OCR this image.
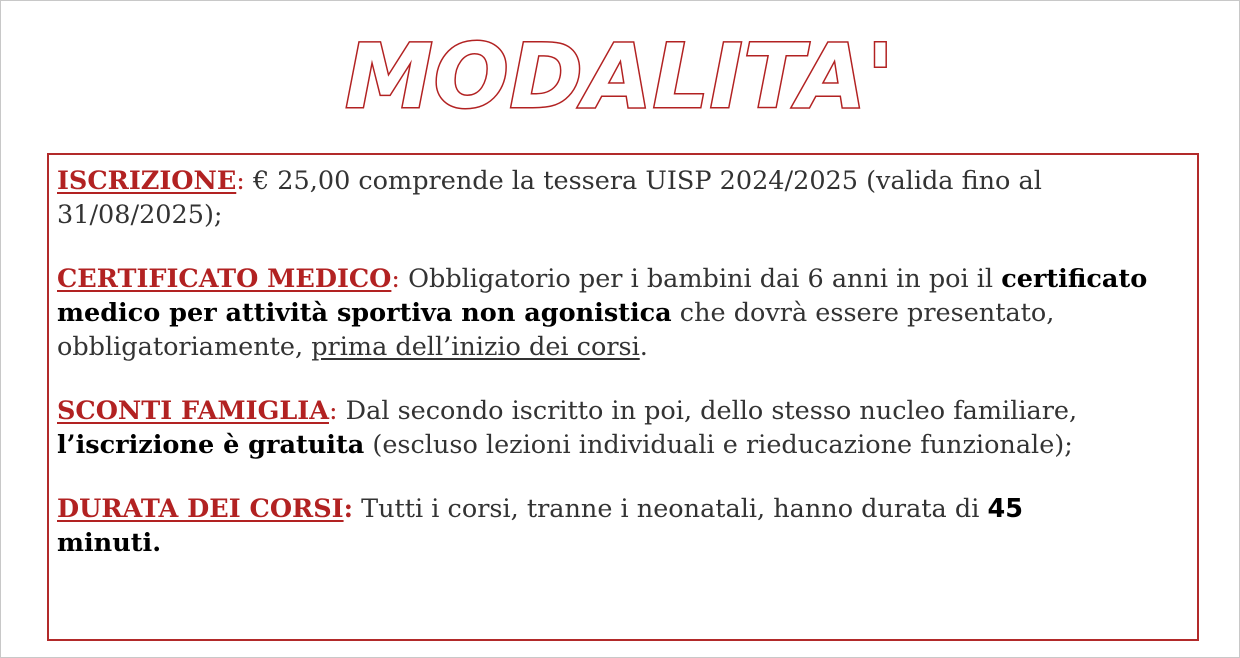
MODALITA'

ISCRIZIONE: € 25,00 comprende la tessera UISP 2024/2025 (valida fino al 31/08/2025);

CERTIFICATO MEDICO: Obbligatorio per i bambini dai 6 anni in poi il certificato medico per attività sportiva non agonistica che dovrà essere presentato, obbligatoriamente, prima dell’inizio dei corsi.

SCONTI FAMIGLIA: Dal secondo iscritto in poi, dello stesso nucleo familiare, l’iscrizione è gratuita (escluso lezioni individuali e rieducazione funzionale);

DURATA DEI CORSI: Tutti i corsi, tranne i neonatali, hanno durata di 45
minuti.
